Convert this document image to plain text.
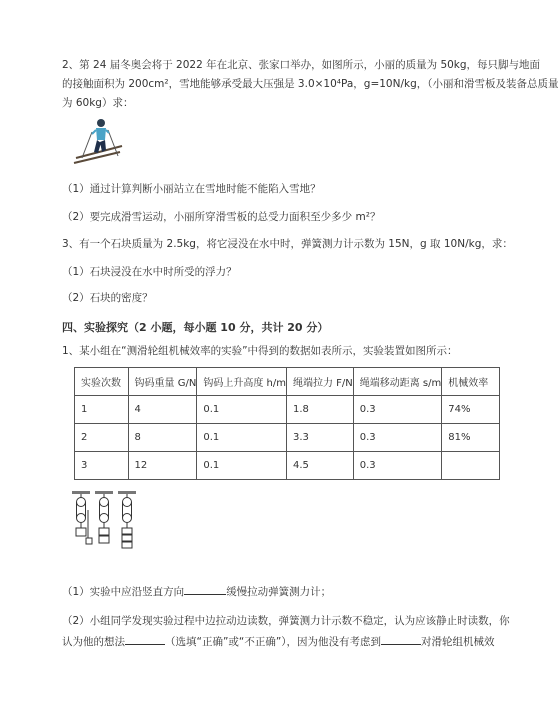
2、第 24 届冬奥会将于 2022 年在北京、张家口举办，如图所示，小丽的质量为 50kg，每只脚与地面
的接触面积为 200cm²，雪地能够承受最大压强是 3.0×10⁴Pa，g=10N/kg，（小丽和滑雪板及装备总质量
为 60kg）求：
（1）通过计算判断小丽站立在雪地时能不能陷入雪地？
（2）要完成滑雪运动，小丽所穿滑雪板的总受力面积至少多少 m²？
3、有一个石块质量为 2.5kg，将它浸没在水中时，弹簧测力计示数为 15N，g 取 10N/kg，求：
（1）石块浸没在水中时所受的浮力？
（2）石块的密度？
四、实验探究（2 小题，每小题 10 分，共计 20 分）
1、某小组在“测滑轮组机械效率的实验”中得到的数据如表所示，实验装置如图所示：
实验次数	钩码重量 G/N	钩码上升高度 h/m	绳端拉力 F/N	绳端移动距离 s/m	机械效率
1	4	0.1	1.8	0.3	74%
2	8	0.1	3.3	0.3	81%
3	12	0.1	4.5	0.3	
（1）实验中应沿竖直方向	缓慢拉动弹簧测力计；
（2）小组同学发现实验过程中边拉动边读数，弹簧测力计示数不稳定，认为应该静止时读数，你
认为他的想法	（选填“正确”或“不正确”），因为他没有考虑到	对滑轮组机械效
